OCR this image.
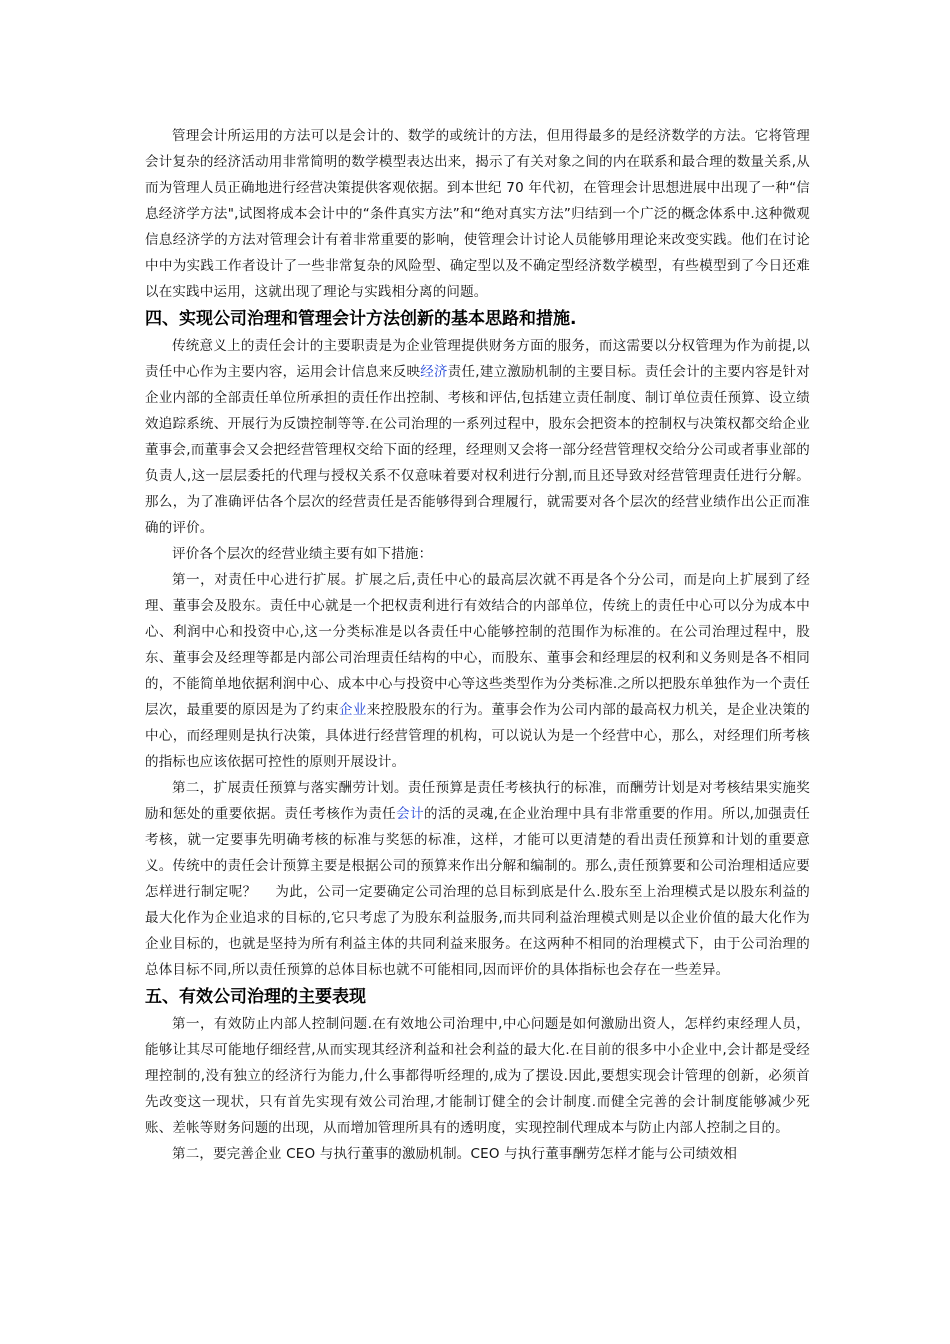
管理会计所运用的方法可以是会计的、数学的或统计的方法，但用得最多的是经济数学的方法。它将管理会计复杂的经济活动用非常简明的数学模型表达出来，揭示了有关对象之间的内在联系和最合理的数量关系,从而为管理人员正确地进行经营决策提供客观依据。到本世纪 70 年代初，在管理会计思想进展中出现了一种“信息经济学方法",试图将成本会计中的“条件真实方法”和“绝对真实方法”归结到一个广泛的概念体系中.这种微观信息经济学的方法对管理会计有着非常重要的影响，使管理会计讨论人员能够用理论来改变实践。他们在讨论中中为实践工作者设计了一些非常复杂的风险型、确定型以及不确定型经济数学模型，有些模型到了今日还难以在实践中运用，这就出现了理论与实践相分离的问题。

四、实现公司治理和管理会计方法创新的基本思路和措施.

传统意义上的责任会计的主要职责是为企业管理提供财务方面的服务，而这需要以分权管理为作为前提,以责任中心作为主要内容，运用会计信息来反映经济责任,建立激励机制的主要目标。责任会计的主要内容是针对企业内部的全部责任单位所承担的责任作出控制、考核和评估,包括建立责任制度、制订单位责任预算、设立绩效追踪系统、开展行为反馈控制等等.在公司治理的一系列过程中，股东会把资本的控制权与决策权都交给企业董事会,而董事会又会把经营管理权交给下面的经理，经理则又会将一部分经营管理权交给分公司或者事业部的负责人,这一层层委托的代理与授权关系不仅意味着要对权利进行分割,而且还导致对经营管理责任进行分解。那么，为了准确评估各个层次的经营责任是否能够得到合理履行，就需要对各个层次的经营业绩作出公正而准确的评价。

评价各个层次的经营业绩主要有如下措施：

第一，对责任中心进行扩展。扩展之后,责任中心的最高层次就不再是各个分公司，而是向上扩展到了经理、董事会及股东。责任中心就是一个把权责利进行有效结合的内部单位，传统上的责任中心可以分为成本中心、利润中心和投资中心,这一分类标准是以各责任中心能够控制的范围作为标准的。在公司治理过程中，股东、董事会及经理等都是内部公司治理责任结构的中心，而股东、董事会和经理层的权利和义务则是各不相同的，不能简单地依据利润中心、成本中心与投资中心等这些类型作为分类标准.之所以把股东单独作为一个责任层次，最重要的原因是为了约束企业来控股股东的行为。董事会作为公司内部的最高权力机关，是企业决策的中心，而经理则是执行决策，具体进行经营管理的机构，可以说认为是一个经营中心，那么，对经理们所考核的指标也应该依据可控性的原则开展设计。

第二，扩展责任预算与落实酬劳计划。责任预算是责任考核执行的标准，而酬劳计划是对考核结果实施奖励和惩处的重要依据。责任考核作为责任会计的活的灵魂,在企业治理中具有非常重要的作用。所以,加强责任考核，就一定要事先明确考核的标准与奖惩的标准，这样，才能可以更清楚的看出责任预算和计划的重要意义。传统中的责任会计预算主要是根据公司的预算来作出分解和编制的。那么,责任预算要和公司治理相适应要怎样进行制定呢？　 为此，公司一定要确定公司治理的总目标到底是什么.股东至上治理模式是以股东利益的最大化作为企业追求的目标的,它只考虑了为股东利益服务,而共同利益治理模式则是以企业价值的最大化作为企业目标的，也就是坚持为所有利益主体的共同利益来服务。在这两种不相同的治理模式下，由于公司治理的总体目标不同,所以责任预算的总体目标也就不可能相同,因而评价的具体指标也会存在一些差异。

五、有效公司治理的主要表现

第一，有效防止内部人控制问题.在有效地公司治理中,中心问题是如何激励出资人，怎样约束经理人员，能够让其尽可能地仔细经营,从而实现其经济利益和社会利益的最大化.在目前的很多中小企业中,会计都是受经理控制的,没有独立的经济行为能力,什么事都得听经理的,成为了摆设.因此,要想实现会计管理的创新，必须首先改变这一现状，只有首先实现有效公司治理,才能制订健全的会计制度.而健全完善的会计制度能够减少死账、差帐等财务问题的出现，从而增加管理所具有的透明度，实现控制代理成本与防止内部人控制之目的。

第二，要完善企业 CEO 与执行董事的激励机制。CEO 与执行董事酬劳怎样才能与公司绩效相
